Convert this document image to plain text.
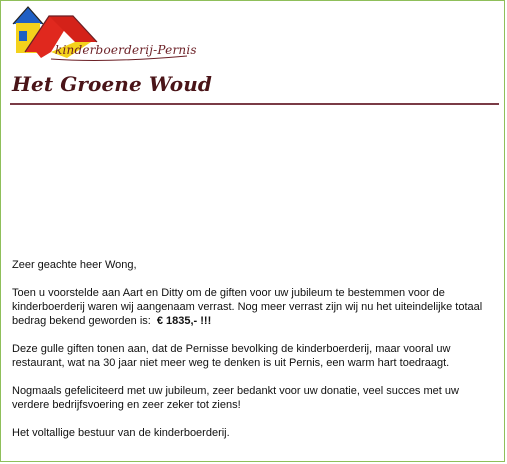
kinderboerderij-Pernis
Het Groene Woud

Zeer geachte heer Wong,

Toen u voorstelde aan Aart en Ditty om de giften voor uw jubileum te bestemmen voor de kinderboerderij waren wij aangenaam verrast. Nog meer verrast zijn wij nu het uiteindelijke totaal bedrag bekend geworden is: € 1835,- !!!

Deze gulle giften tonen aan, dat de Pernisse bevolking de kinderboerderij, maar vooral uw restaurant, wat na 30 jaar niet meer weg te denken is uit Pernis, een warm hart toedraagt.

Nogmaals gefeliciteerd met uw jubileum, zeer bedankt voor uw donatie, veel succes met uw verdere bedrijfsvoering en zeer zeker tot ziens!

Het voltallige bestuur van de kinderboerderij.
